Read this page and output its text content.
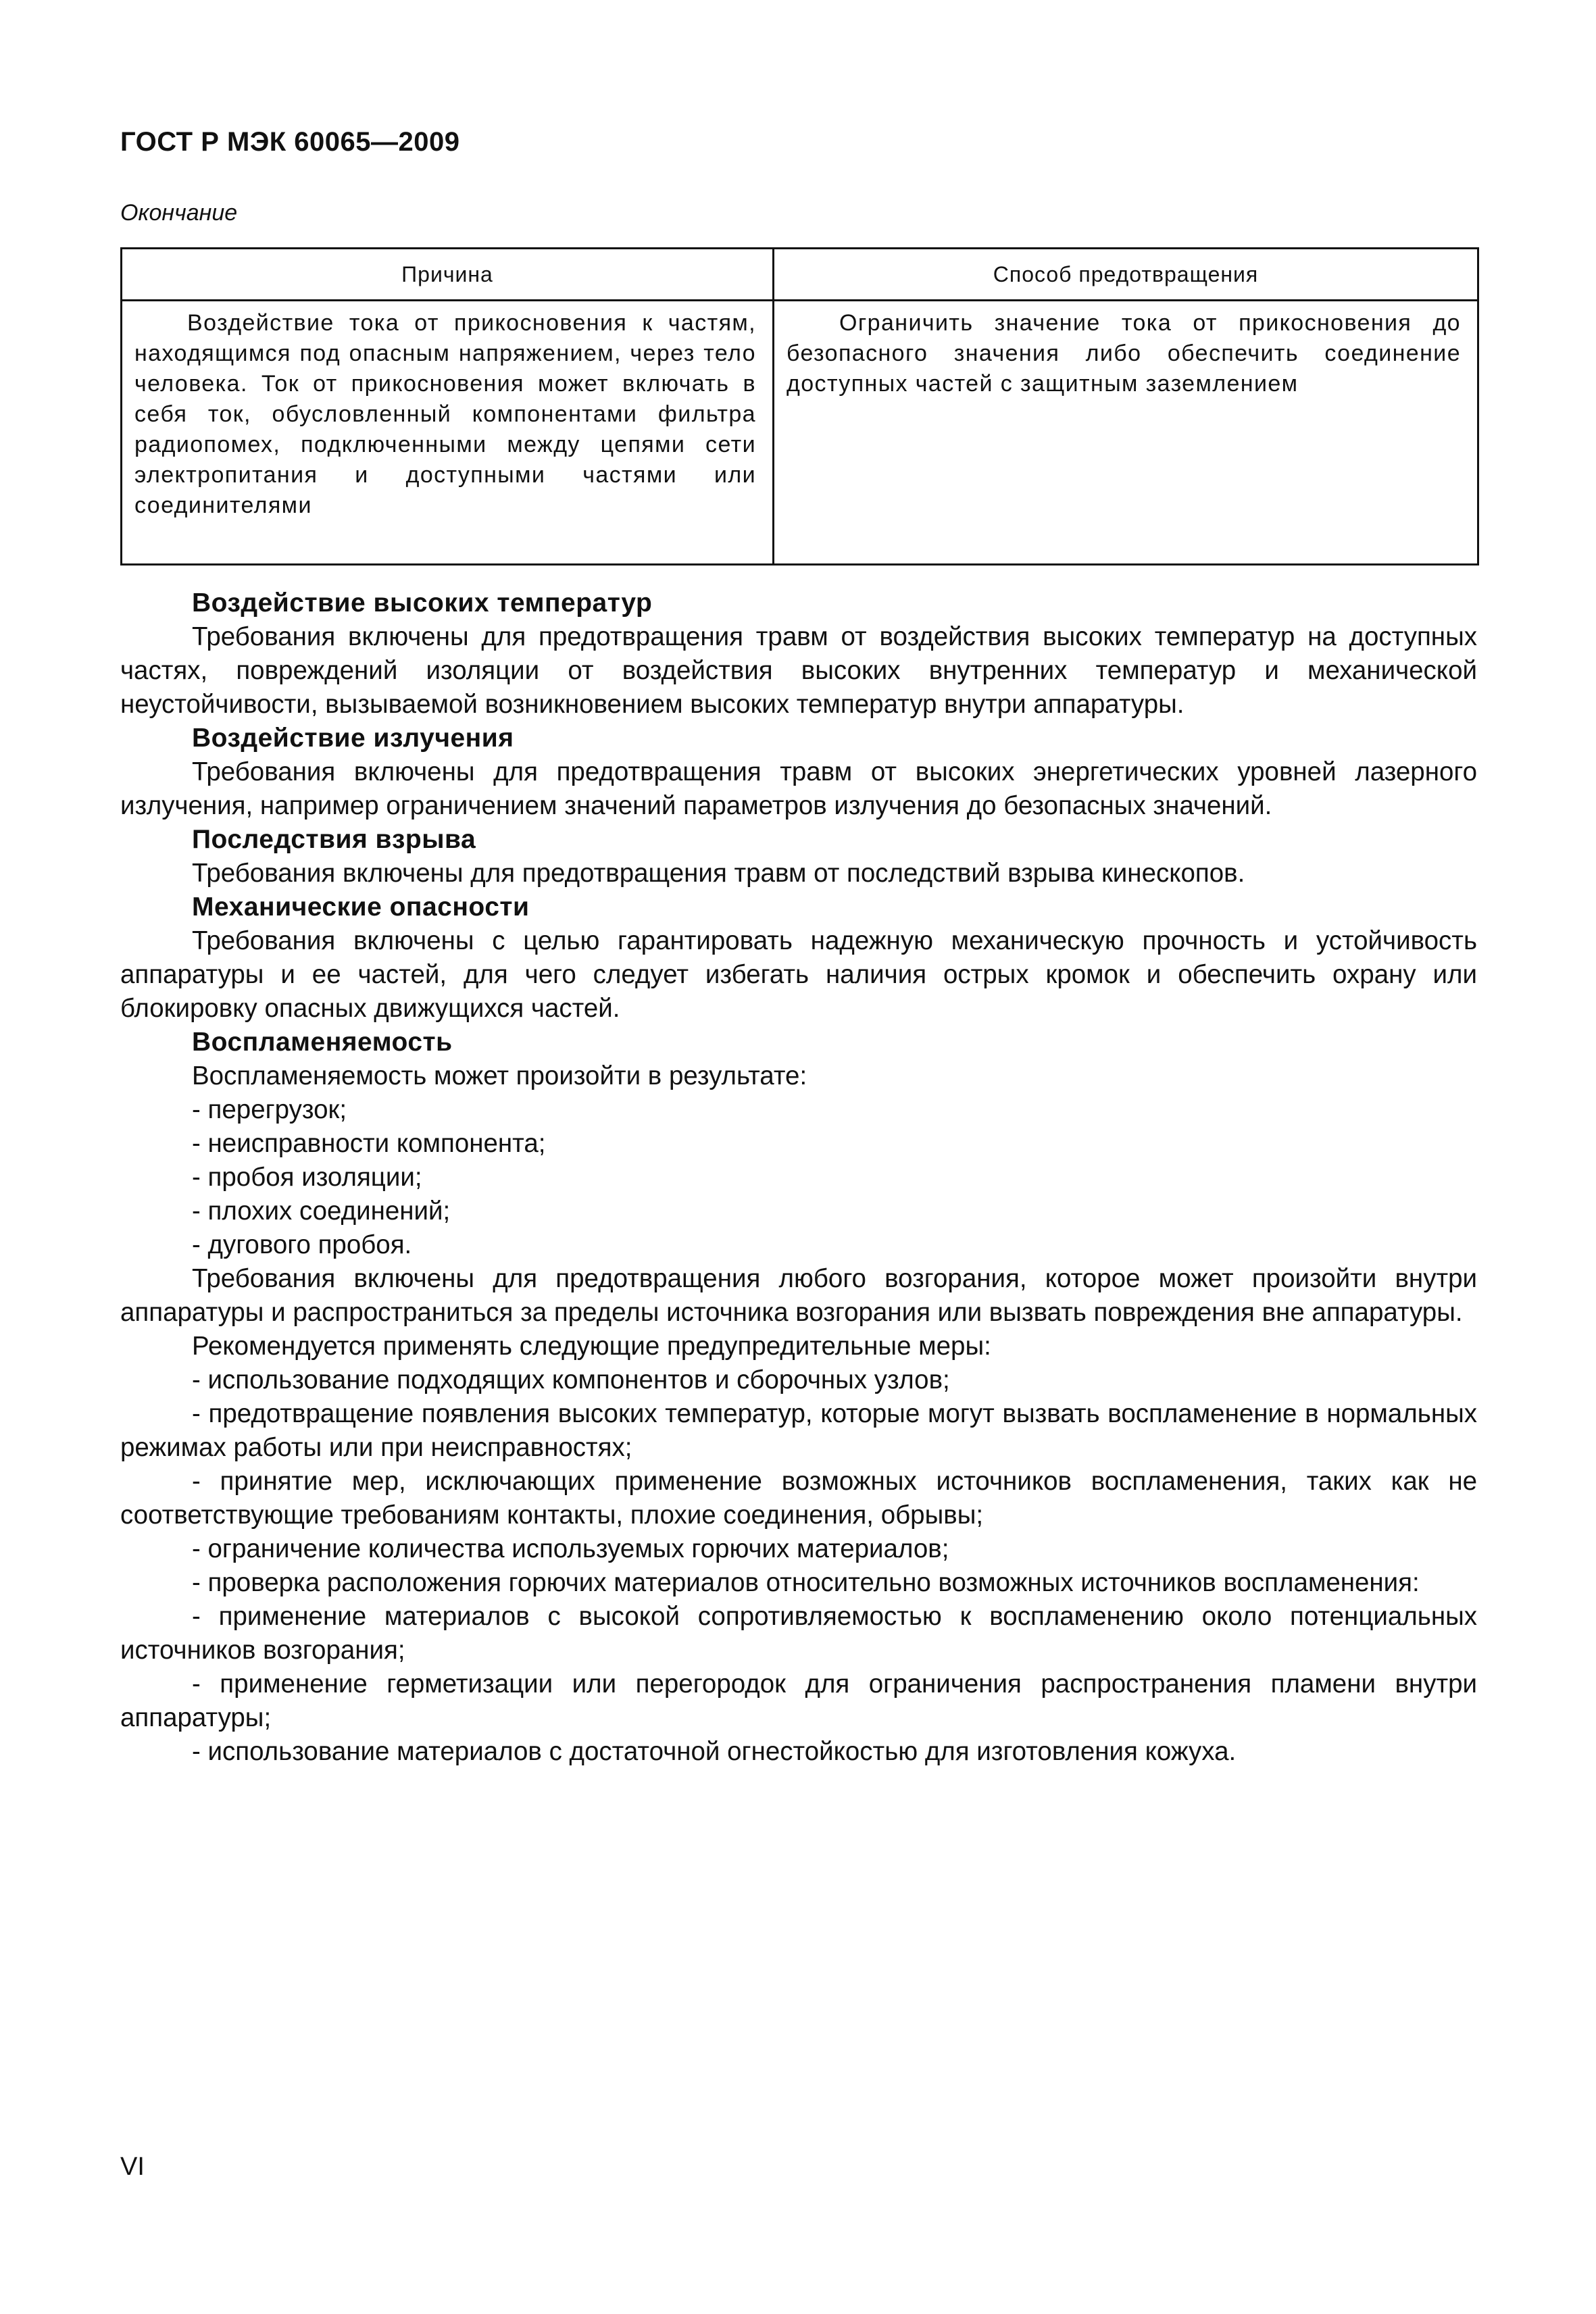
ГОСТ Р МЭК 60065—2009
Окончание
Причина	Способ предотвращения

Воздействие тока от прикосновения к частям, находящимся под опасным напряжением, через тело человека. Ток от прикосновения может включать в себя ток, обусловленный компонентами фильтра радиопомех, подключенными между цепями сети электропитания и доступными частями или соединителями	Ограничить значение тока от прикосновения до безопасного значения либо обеспечить соединение доступных частей с защитным заземлением

Воздействие высоких температур

Требования включены для предотвращения травм от воздействия высоких температур на доступных частях, повреждений изоляции от воздействия высоких внутренних температур и механической неустойчивости, вызываемой возникновением высоких температур внутри аппаратуры.

Воздействие излучения

Требования включены для предотвращения травм от высоких энергетических уровней лазерного излучения, например ограничением значений параметров излучения до безопасных значений.

Последствия взрыва

Требования включены для предотвращения травм от последствий взрыва кинескопов.

Механические опасности

Требования включены с целью гарантировать надежную механическую прочность и устойчивость аппаратуры и ее частей, для чего следует избегать наличия острых кромок и обеспечить охрану или блокировку опасных движущихся частей.

Воспламеняемость

Воспламеняемость может произойти в результате:

- перегрузок;
- неисправности компонента;
- пробоя изоляции;
- плохих соединений;
- дугового пробоя.

Требования включены для предотвращения любого возгорания, которое может произойти внутри аппаратуры и распространиться за пределы источника возгорания или вызвать повреждения вне аппаратуры.

Рекомендуется применять следующие предупредительные меры:

- использование подходящих компонентов и сборочных узлов;
- предотвращение появления высоких температур, которые могут вызвать воспламенение в нормальных режимах работы или при неисправностях;
- принятие мер, исключающих применение возможных источников воспламенения, таких как не соответствующие требованиям контакты, плохие соединения, обрывы;
- ограничение количества используемых горючих материалов;
- проверка расположения горючих материалов относительно возможных источников воспламенения:
- применение материалов с высокой сопротивляемостью к воспламенению около потенциальных источников возгорания;
- применение герметизации или перегородок для ограничения распространения пламени внутри аппаратуры;
- использование материалов с достаточной огнестойкостью для изготовления кожуха.
VI
